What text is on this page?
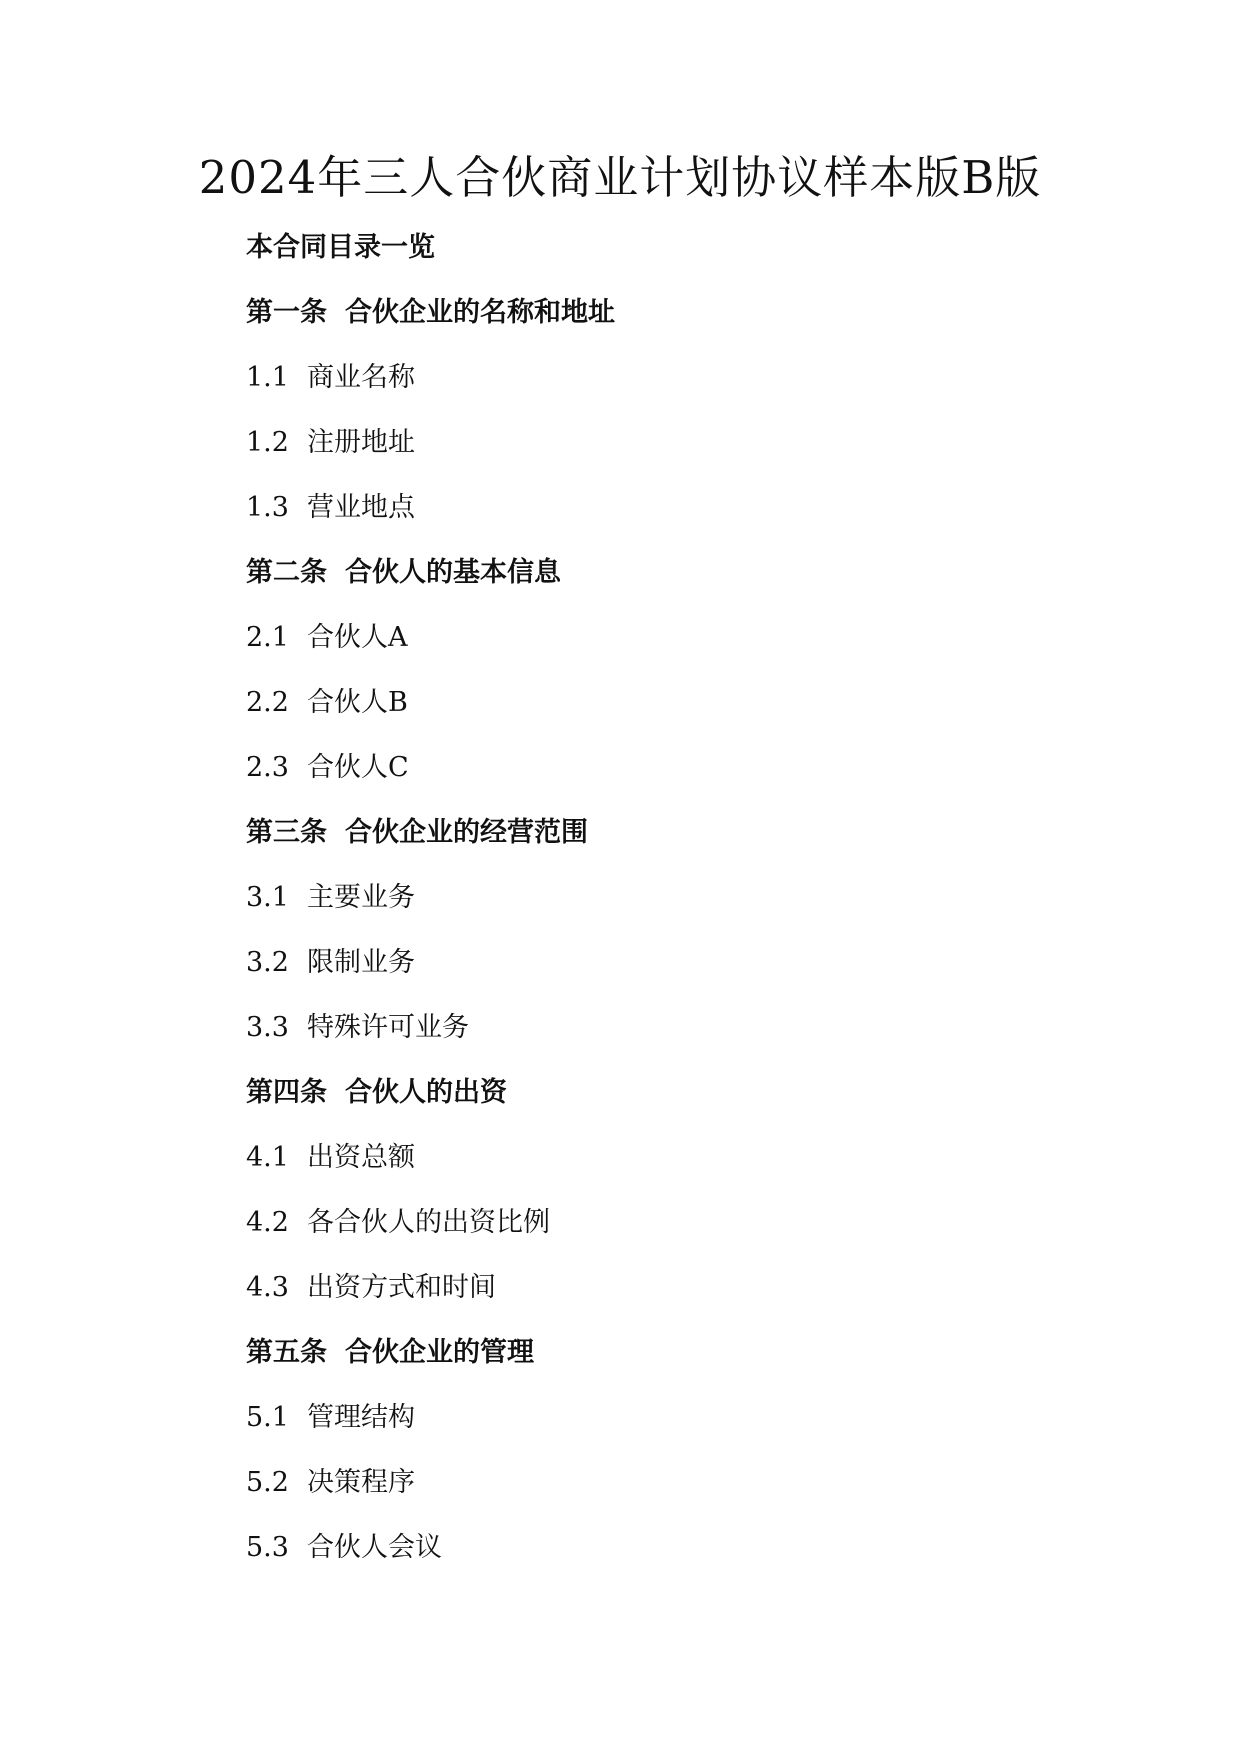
2024年三人合伙商业计划协议样本版B版
本合同目录一览
第一条 合伙企业的名称和地址
1.1 商业名称
1.2 注册地址
1.3 营业地点
第二条 合伙人的基本信息
2.1 合伙人A
2.2 合伙人B
2.3 合伙人C
第三条 合伙企业的经营范围
3.1 主要业务
3.2 限制业务
3.3 特殊许可业务
第四条 合伙人的出资
4.1 出资总额
4.2 各合伙人的出资比例
4.3 出资方式和时间
第五条 合伙企业的管理
5.1 管理结构
5.2 决策程序
5.3 合伙人会议
